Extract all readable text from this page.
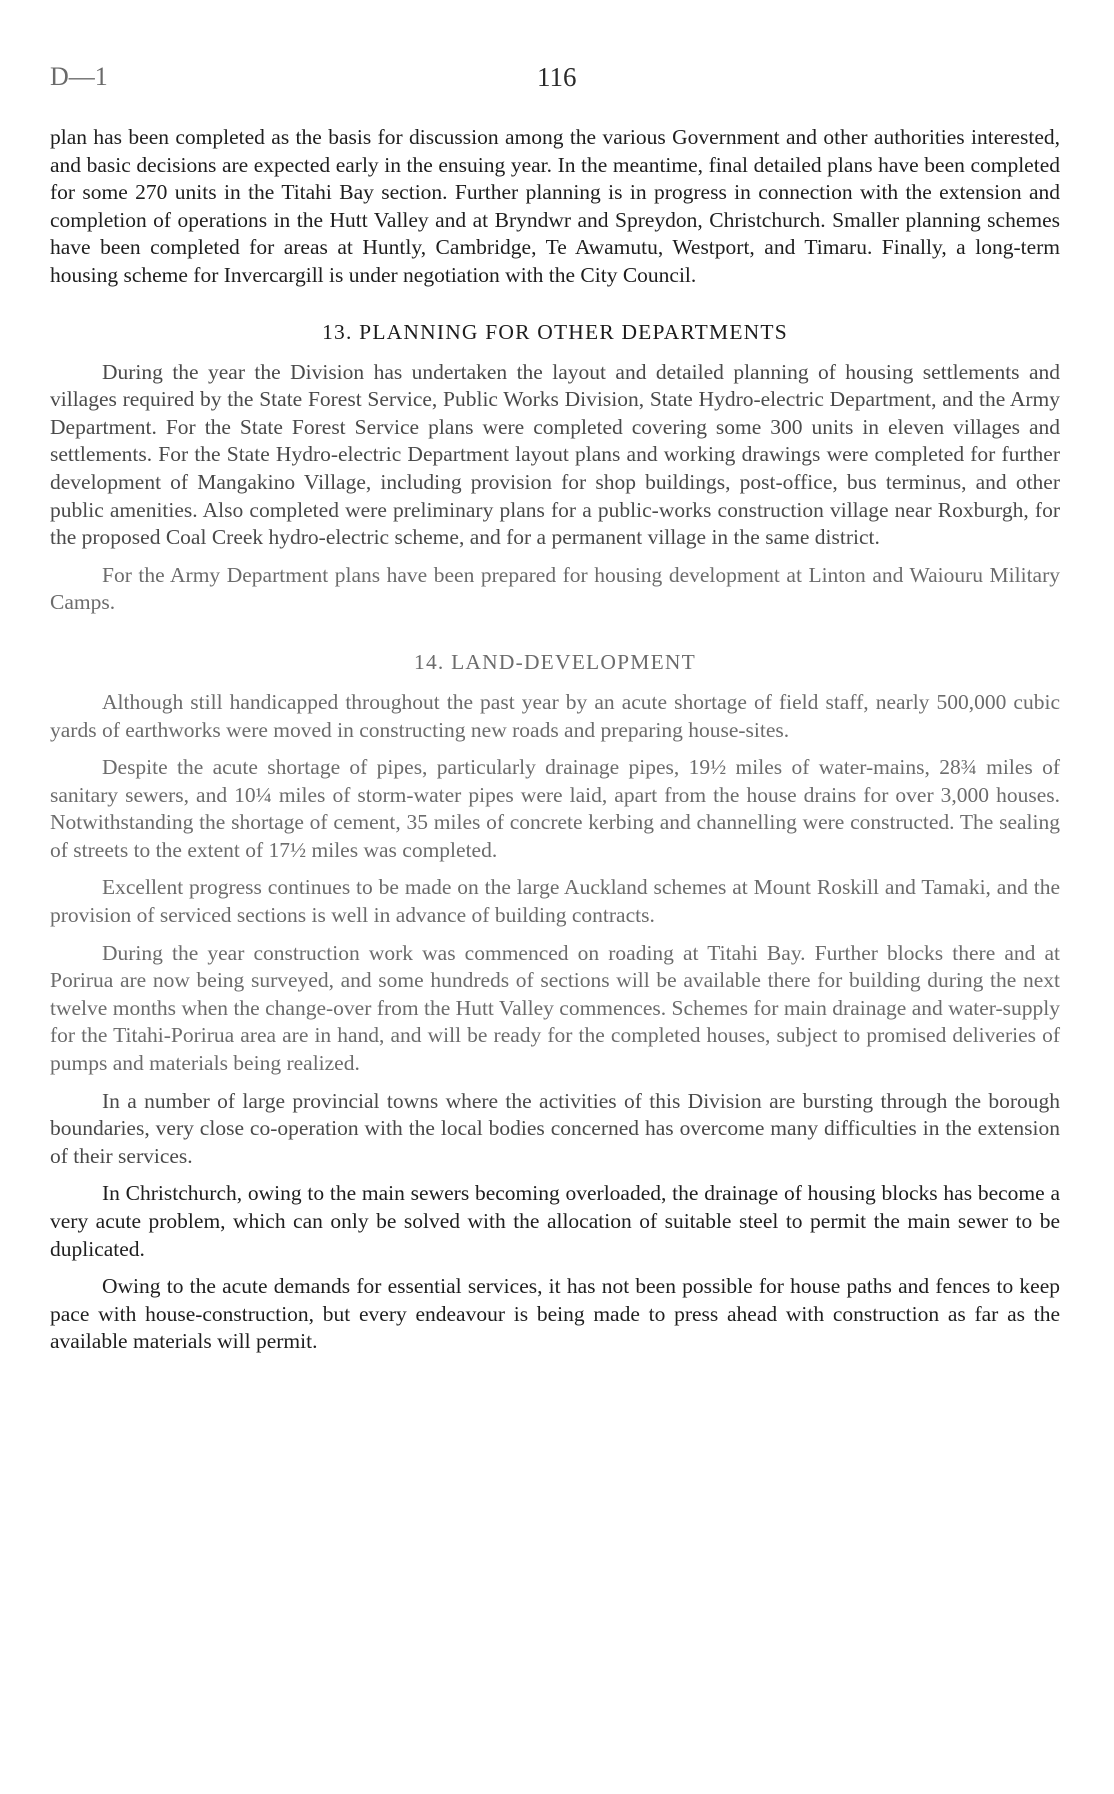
D—1	116

plan has been completed as the basis for discussion among the various Government and other authorities interested, and basic decisions are expected early in the ensuing year. In the meantime, final detailed plans have been completed for some 270 units in the Titahi Bay section. Further planning is in progress in connection with the extension and completion of operations in the Hutt Valley and at Bryndwr and Spreydon, Christchurch. Smaller planning schemes have been completed for areas at Huntly, Cambridge, Te Awamutu, Westport, and Timaru. Finally, a long-term housing scheme for Invercargill is under negotiation with the City Council.

13. PLANNING FOR OTHER DEPARTMENTS

During the year the Division has undertaken the layout and detailed planning of housing settlements and villages required by the State Forest Service, Public Works Division, State Hydro-electric Department, and the Army Department. For the State Forest Service plans were completed covering some 300 units in eleven villages and settlements. For the State Hydro-electric Department layout plans and working drawings were completed for further development of Mangakino Village, including provision for shop buildings, post-office, bus terminus, and other public amenities. Also completed were preliminary plans for a public-works construction village near Roxburgh, for the proposed Coal Creek hydro-electric scheme, and for a permanent village in the same district.

For the Army Department plans have been prepared for housing development at Linton and Waiouru Military Camps.

14. LAND-DEVELOPMENT

Although still handicapped throughout the past year by an acute shortage of field staff, nearly 500,000 cubic yards of earthworks were moved in constructing new roads and preparing house-sites.

Despite the acute shortage of pipes, particularly drainage pipes, 19½ miles of water-mains, 28¾ miles of sanitary sewers, and 10¼ miles of storm-water pipes were laid, apart from the house drains for over 3,000 houses. Notwithstanding the shortage of cement, 35 miles of concrete kerbing and channelling were constructed. The sealing of streets to the extent of 17½ miles was completed.

Excellent progress continues to be made on the large Auckland schemes at Mount Roskill and Tamaki, and the provision of serviced sections is well in advance of building contracts.

During the year construction work was commenced on roading at Titahi Bay. Further blocks there and at Porirua are now being surveyed, and some hundreds of sections will be available there for building during the next twelve months when the change-over from the Hutt Valley commences. Schemes for main drainage and water-supply for the Titahi-Porirua area are in hand, and will be ready for the completed houses, subject to promised deliveries of pumps and materials being realized.

In a number of large provincial towns where the activities of this Division are bursting through the borough boundaries, very close co-operation with the local bodies concerned has overcome many difficulties in the extension of their services.

In Christchurch, owing to the main sewers becoming overloaded, the drainage of housing blocks has become a very acute problem, which can only be solved with the allocation of suitable steel to permit the main sewer to be duplicated.

Owing to the acute demands for essential services, it has not been possible for house paths and fences to keep pace with house-construction, but every endeavour is being made to press ahead with construction as far as the available materials will permit.
